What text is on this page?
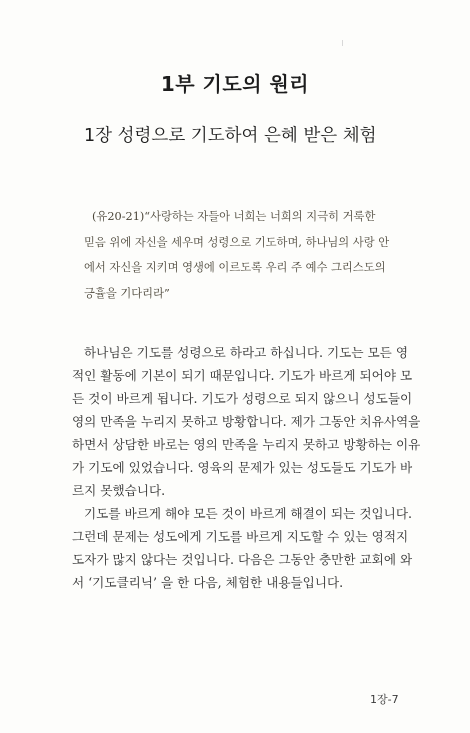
1부 기도의 원리
1장 성령으로 기도하여 은혜 받은 체험
(유20-21)“사랑하는 자들아 너희는 너희의 지극히 거룩한
믿음 위에 자신을 세우며 성령으로 기도하며, 하나님의 사랑 안
에서 자신을 지키며 영생에 이르도록 우리 주 예수 그리스도의
긍휼을 기다리라”
하나님은 기도를 성령으로 하라고 하십니다. 기도는 모든 영
적인 활동에 기본이 되기 때문입니다. 기도가 바르게 되어야 모
든 것이 바르게 됩니다. 기도가 성령으로 되지 않으니 성도들이
영의 만족을 누리지 못하고 방황합니다. 제가 그동안 치유사역을
하면서 상담한 바로는 영의 만족을 누리지 못하고 방황하는 이유
가 기도에 있었습니다. 영육의 문제가 있는 성도들도 기도가 바
르지 못했습니다.
기도를 바르게 해야 모든 것이 바르게 해결이 되는 것입니다.
그런데 문제는 성도에게 기도를 바르게 지도할 수 있는 영적지
도자가 많지 않다는 것입니다. 다음은 그동안 충만한 교회에 와
서 ‘기도클리닉’ 을 한 다음, 체험한 내용들입니다.
1장-7
